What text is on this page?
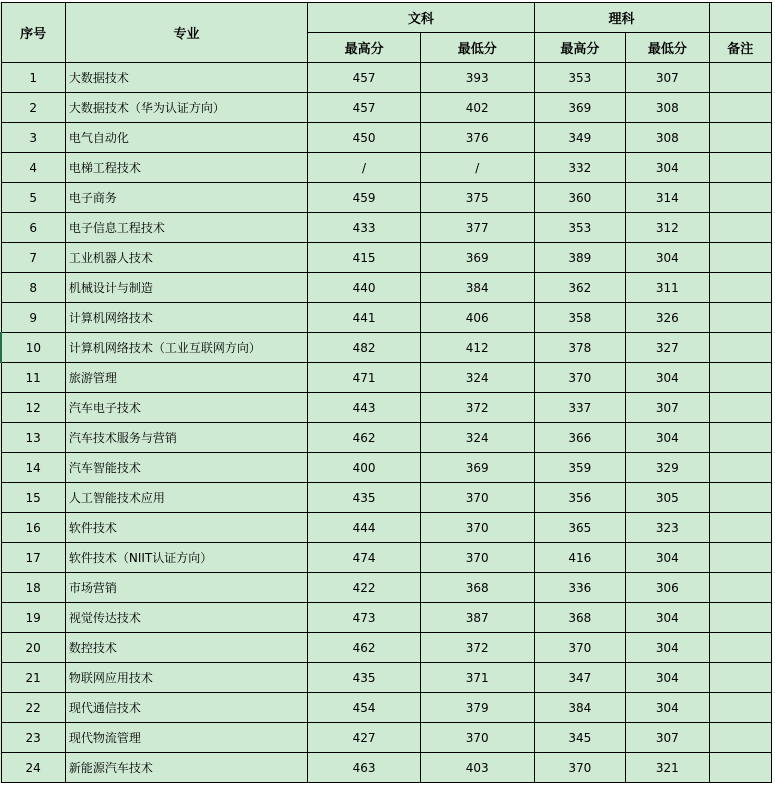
序号	专业	文科		理科		
		最高分	最低分	最高分	最低分	备注
1	大数据技术	457	393	353	307	
2	大数据技术（华为认证方向）	457	402	369	308	
3	电气自动化	450	376	349	308	
4	电梯工程技术	/	/	332	304	
5	电子商务	459	375	360	314	
6	电子信息工程技术	433	377	353	312	
7	工业机器人技术	415	369	389	304	
8	机械设计与制造	440	384	362	311	
9	计算机网络技术	441	406	358	326	
10	计算机网络技术（工业互联网方向）	482	412	378	327	
11	旅游管理	471	324	370	304	
12	汽车电子技术	443	372	337	307	
13	汽车技术服务与营销	462	324	366	304	
14	汽车智能技术	400	369	359	329	
15	人工智能技术应用	435	370	356	305	
16	软件技术	444	370	365	323	
17	软件技术（NIIT认证方向）	474	370	416	304	
18	市场营销	422	368	336	306	
19	视觉传达技术	473	387	368	304	
20	数控技术	462	372	370	304	
21	物联网应用技术	435	371	347	304	
22	现代通信技术	454	379	384	304	
23	现代物流管理	427	370	345	307	
24	新能源汽车技术	463	403	370	321	
